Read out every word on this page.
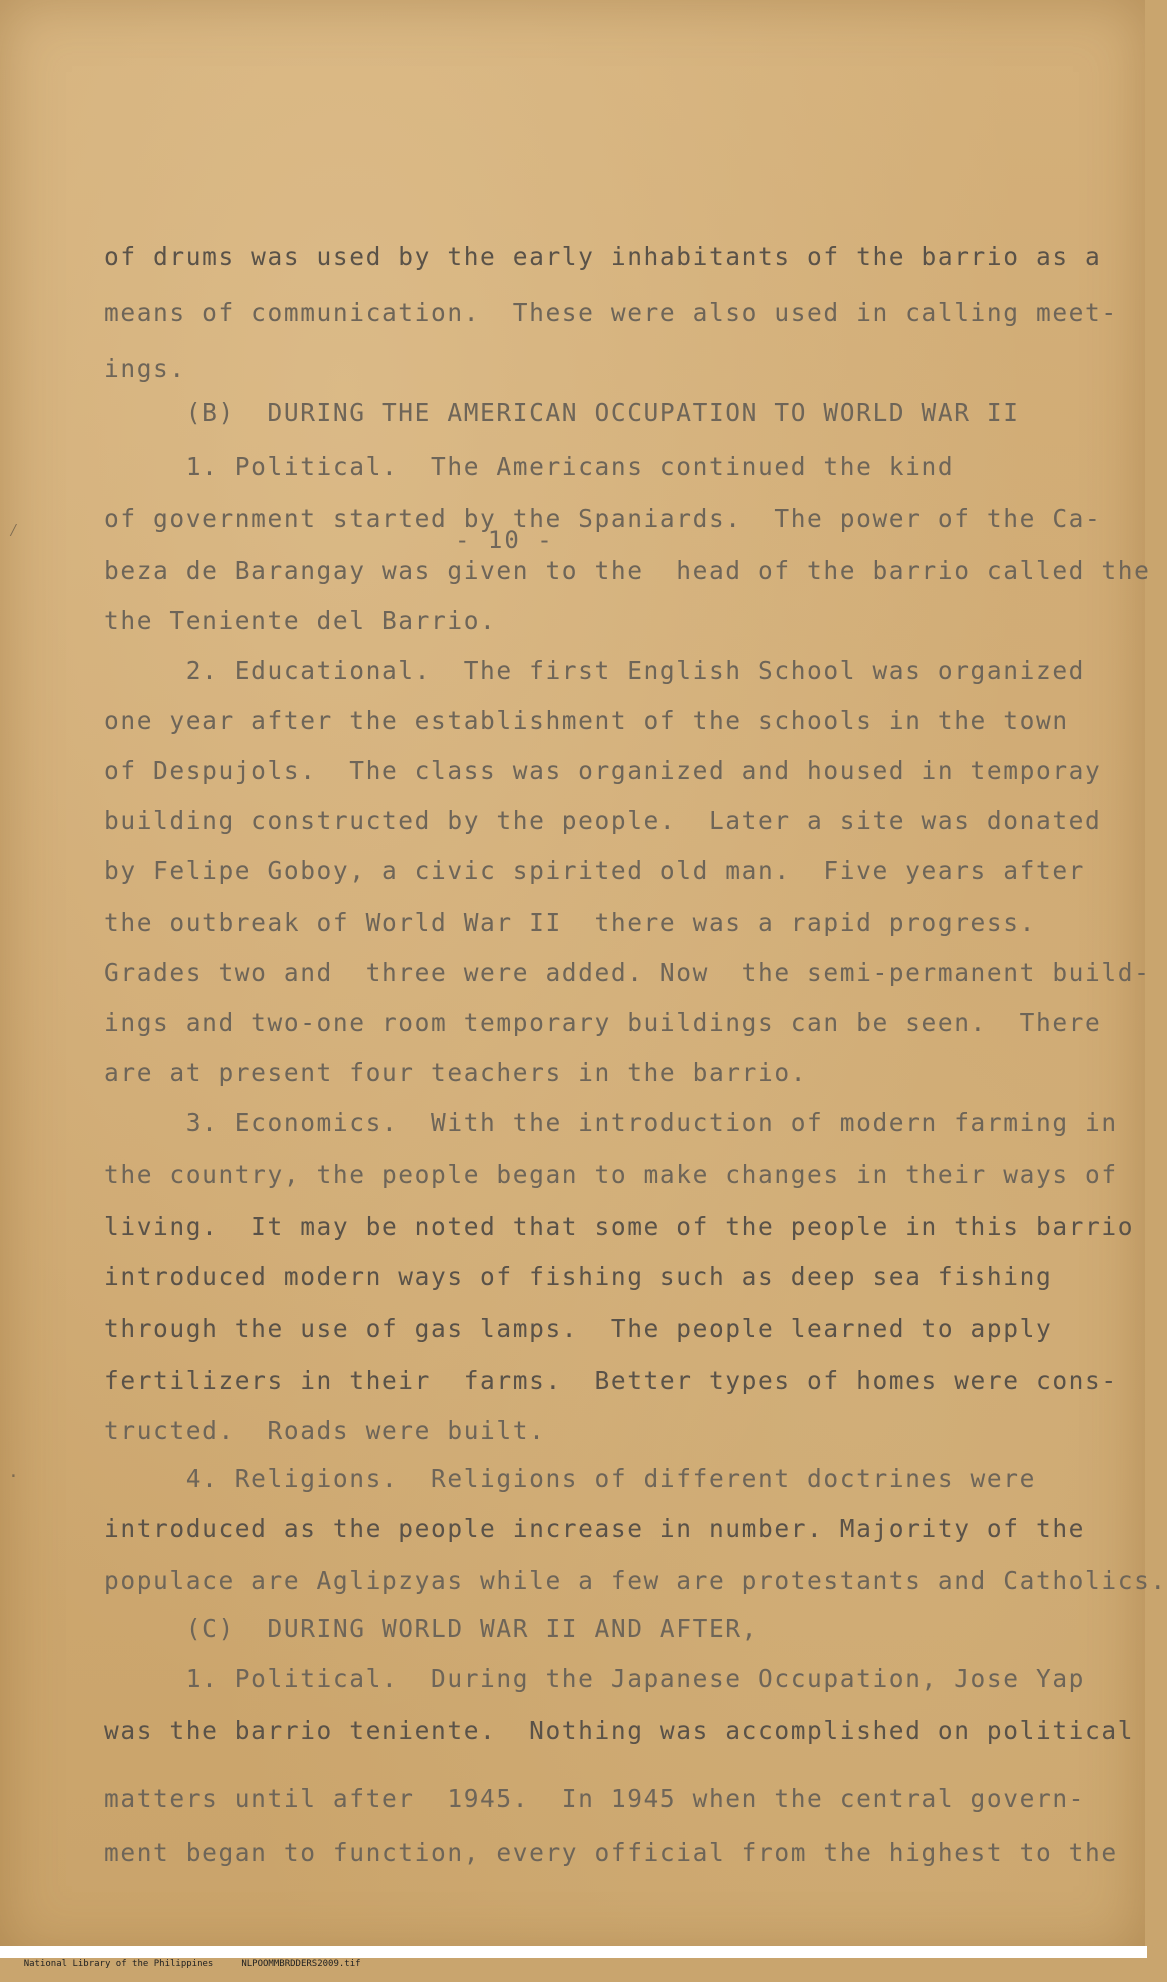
- 10 -
of drums was used by the early inhabitants of the barrio as a
means of communication.  These were also used in calling meet-
ings.
(B)  DURING THE AMERICAN OCCUPATION TO WORLD WAR II
1. Political.  The Americans continued the kind
of government started by the Spaniards.  The power of the Ca-
beza de Barangay was given to the  head of the barrio called the
the Teniente del Barrio.
2. Educational.  The first English School was organized
one year after the establishment of the schools in the town
of Despujols.  The class was organized and housed in temporay
building constructed by the people.  Later a site was donated
by Felipe Goboy, a civic spirited old man.  Five years after
the outbreak of World War II  there was a rapid progress.
Grades two and  three were added. Now  the semi-permanent build-
ings and two-one room temporary buildings can be seen.  There
are at present four teachers in the barrio.
3. Economics.  With the introduction of modern farming in
the country, the people began to make changes in their ways of
living.  It may be noted that some of the people in this barrio
introduced modern ways of fishing such as deep sea fishing
through the use of gas lamps.  The people learned to apply
fertilizers in their  farms.  Better types of homes were cons-
tructed.  Roads were built.
4. Religions.  Religions of different doctrines were
introduced as the people increase in number. Majority of the
populace are Aglipzyas while a few are protestants and Catholics.
(C)  DURING WORLD WAR II AND AFTER,
1. Political.  During the Japanese Occupation, Jose Yap
was the barrio teniente.  Nothing was accomplished on political
matters until after  1945.  In 1945 when the central govern-
ment began to function, every official from the highest to the
⁄
·

National Library of the Philippines	NLPOOMMBRDDERS2009.tif
